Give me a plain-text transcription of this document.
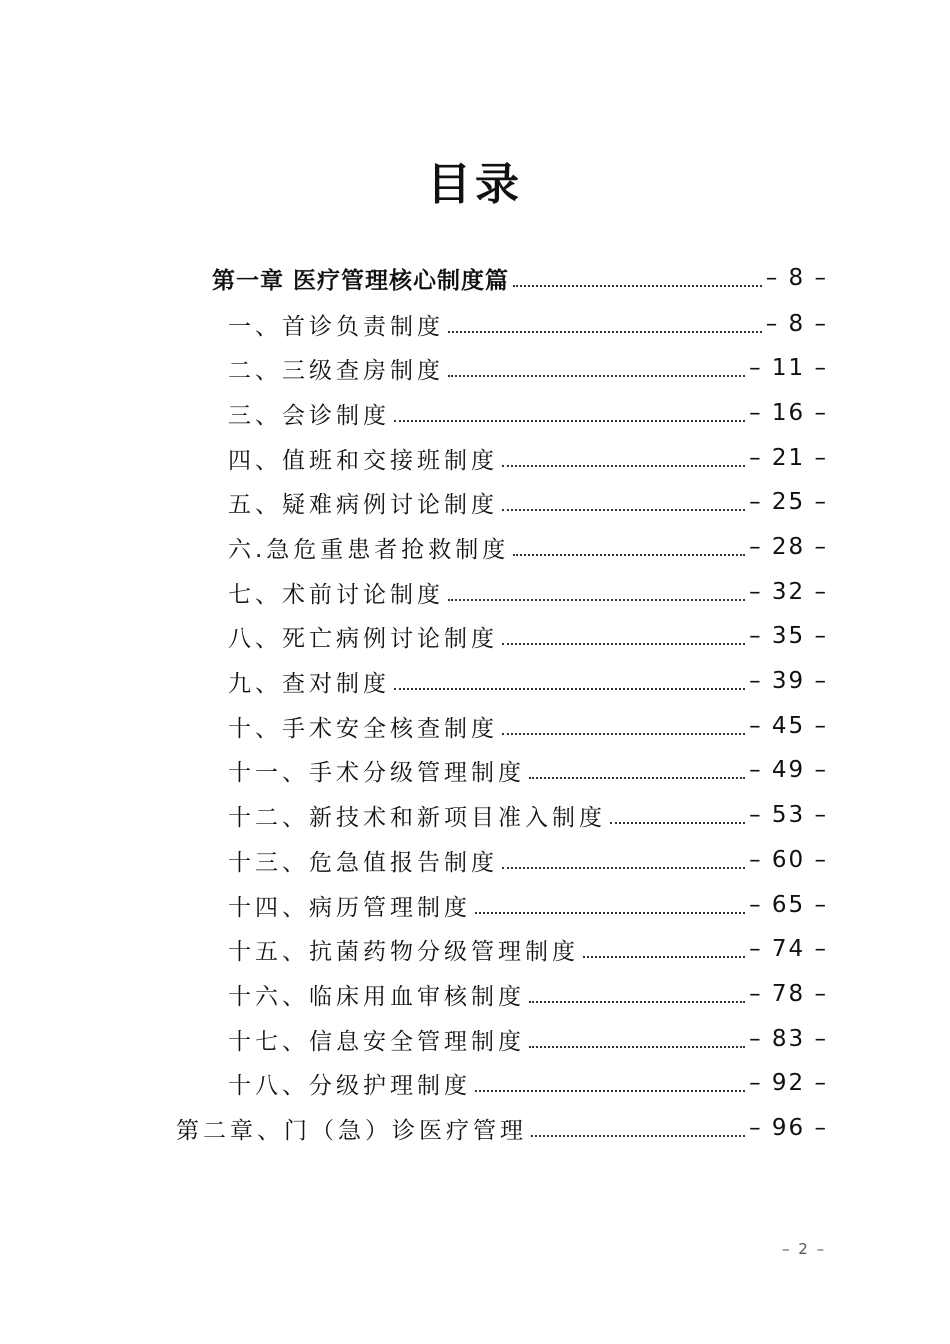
目录
第一章 医疗管理核心制度篇	– 8 –
一、首诊负责制度	– 8 –
二、三级查房制度	– 11 –
三、会诊制度	– 16 –
四、值班和交接班制度	– 21 –
五、疑难病例讨论制度	– 25 –
六.急危重患者抢救制度	– 28 –
七、术前讨论制度	– 32 –
八、死亡病例讨论制度	– 35 –
九、查对制度	– 39 –
十、手术安全核查制度	– 45 –
十一、手术分级管理制度	– 49 –
十二、新技术和新项目准入制度	– 53 –
十三、危急值报告制度	– 60 –
十四、病历管理制度	– 65 –
十五、抗菌药物分级管理制度	– 74 –
十六、临床用血审核制度	– 78 –
十七、信息安全管理制度	– 83 –
十八、分级护理制度	– 92 –
第二章、门（急）诊医疗管理	– 96 –
– 2 –
